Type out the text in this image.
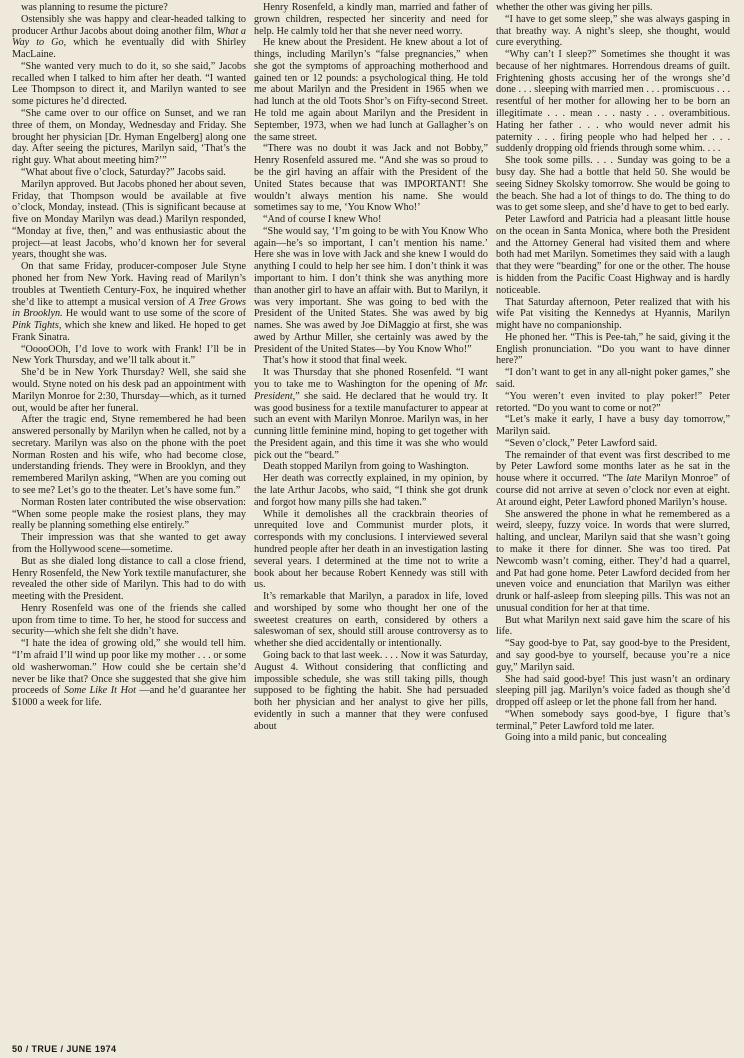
was planning to resume the picture?

Ostensibly she was happy and clear-headed talking to producer Arthur Jacobs about doing another film, What a Way to Go, which he eventually did with Shirley MacLaine.

“She wanted very much to do it, so she said,” Jacobs recalled when I talked to him after her death. “I wanted Lee Thompson to direct it, and Marilyn wanted to see some pictures he’d directed.

“She came over to our office on Sunset, and we ran three of them, on Monday, Wednesday and Friday. She brought her physician [Dr. Hyman Engelberg] along one day. After seeing the pictures, Marilyn said, ‘That’s the right guy. What about meeting him?’”

“What about five o’clock, Saturday?” Jacobs said.

Marilyn approved. But Jacobs phoned her about seven, Friday, that Thompson would be available at five o’clock, Monday, instead. (This is significant because at five on Monday Marilyn was dead.) Marilyn responded, “Monday at five, then,” and was enthusiastic about the project—at least Jacobs, who’d known her for several years, thought she was.

On that same Friday, producer-composer Jule Styne phoned her from New York. Having read of Marilyn’s troubles at Twentieth Century-Fox, he inquired whether she’d like to attempt a musical version of A Tree Grows in Brooklyn. He would want to use some of the score of Pink Tights, which she knew and liked. He hoped to get Frank Sinatra.

“OoooOOh, I’d love to work with Frank! I’ll be in New York Thursday, and we’ll talk about it.”

She’d be in New York Thursday? Well, she said she would. Styne noted on his desk pad an appointment with Marilyn Monroe for 2:30, Thursday—which, as it turned out, would be after her funeral.

After the tragic end, Styne remembered he had been answered personally by Marilyn when he called, not by a secretary. Marilyn was also on the phone with the poet Norman Rosten and his wife, who had become close, understanding friends. They were in Brooklyn, and they remembered Marilyn asking, “When are you coming out to see me? Let’s go to the theater. Let’s have some fun.”

Norman Rosten later contributed the wise observation: “When some people make the rosiest plans, they may really be planning something else entirely.”

Their impression was that she wanted to get away from the Hollywood scene—sometime.

But as she dialed long distance to call a close friend, Henry Rosenfeld, the New York textile manufacturer, she revealed the other side of Marilyn. This had to do with meeting with the President.

Henry Rosenfeld was one of the friends she called upon from time to time. To her, he stood for success and security—which she felt she didn’t have.

“I hate the idea of growing old,” she would tell him. “I’m afraid I’ll wind up poor like my mother . . . or some old washerwoman.” How could she be certain she’d never be like that? Once she suggested that she give him proceeds of Some Like It Hot —and he’d guarantee her $1000 a week for life.

Henry Rosenfeld, a kindly man, married and father of grown children, respected her sincerity and need for help. He calmly told her that she never need worry.

He knew about the President. He knew about a lot of things, including Marilyn’s “false pregnancies,” when she got the symptoms of approaching motherhood and gained ten or 12 pounds: a psychological thing. He told me about Marilyn and the President in 1965 when we had lunch at the old Toots Shor’s on Fifty-second Street. He told me again about Marilyn and the President in September, 1973, when we had lunch at Gallagher’s on the same street.

“There was no doubt it was Jack and not Bobby,” Henry Rosenfeld assured me. “And she was so proud to be the girl having an affair with the President of the United States because that was IMPORTANT! She wouldn’t always mention his name. She would sometimes say to me, ‘You Know Who!’

“And of course I knew Who!

“She would say, ‘I’m going to be with You Know Who again—he’s so important, I can’t mention his name.’ Here she was in love with Jack and she knew I would do anything I could to help her see him. I don’t think it was important to him. I don’t think she was anything more than another girl to have an affair with. But to Marilyn, it was very important. She was going to bed with the President of the United States. She was awed by big names. She was awed by Joe DiMaggio at first, she was awed by Arthur Miller, she certainly was awed by the President of the United States—by You Know Who!”

That’s how it stood that final week.

It was Thursday that she phoned Rosenfeld. “I want you to take me to Washington for the opening of Mr. President,” she said. He declared that he would try. It was good business for a textile manufacturer to appear at such an event with Marilyn Monroe. Marilyn was, in her cunning little feminine mind, hoping to get together with the President again, and this time it was she who would pick out the “beard.”

Death stopped Marilyn from going to Washington.

Her death was correctly explained, in my opinion, by the late Arthur Jacobs, who said, “I think she got drunk and forgot how many pills she had taken.”

While it demolishes all the crackbrain theories of unrequited love and Communist murder plots, it corresponds with my conclusions. I interviewed several hundred people after her death in an investigation lasting several years. I determined at the time not to write a book about her because Robert Kennedy was still with us.

It’s remarkable that Marilyn, a paradox in life, loved and worshiped by some who thought her one of the sweetest creatures on earth, considered by others a saleswoman of sex, should still arouse controversy as to whether she died accidentally or intentionally.

Going back to that last week. . . . Now it was Saturday, August 4. Without considering that conflicting and impossible schedule, she was still taking pills, though supposed to be fighting the habit. She had persuaded both her physician and her analyst to give her pills, evidently in such a manner that they were confused about

whether the other was giving her pills.

“I have to get some sleep,” she was always gasping in that breathy way. A night’s sleep, she thought, would cure everything.

“Why can’t I sleep?” Sometimes she thought it was because of her nightmares. Horrendous dreams of guilt. Frightening ghosts accusing her of the wrongs she’d done . . . sleeping with married men . . . promiscuous . . . resentful of her mother for allowing her to be born an illegitimate . . . mean . . . nasty . . . overambitious. Hating her father . . . who would never admit his paternity . . . firing people who had helped her . . . suddenly dropping old friends through some whim. . . .

She took some pills. . . . Sunday was going to be a busy day. She had a bottle that held 50. She would be seeing Sidney Skolsky tomorrow. She would be going to the beach. She had a lot of things to do. The thing to do was to get some sleep, and she’d have to get to bed early.

Peter Lawford and Patricia had a pleasant little house on the ocean in Santa Monica, where both the President and the Attorney General had visited them and where both had met Marilyn. Sometimes they said with a laugh that they were “bearding” for one or the other. The house is hidden from the Pacific Coast Highway and is hardly noticeable.

That Saturday afternoon, Peter realized that with his wife Pat visiting the Kennedys at Hyannis, Marilyn might have no companionship.

He phoned her. “This is Pee-tah,” he said, giving it the English pronunciation. “Do you want to have dinner here?”

“I don’t want to get in any all-night poker games,” she said.

“You weren’t even invited to play poker!” Peter retorted. “Do you want to come or not?”

“Let’s make it early, I have a busy day tomorrow,” Marilyn said.

“Seven o’clock,” Peter Lawford said.

The remainder of that event was first described to me by Peter Lawford some months later as he sat in the house where it occurred. “The late Marilyn Monroe” of course did not arrive at seven o’clock nor even at eight. At around eight, Peter Lawford phoned Marilyn’s house.

She answered the phone in what he remembered as a weird, sleepy, fuzzy voice. In words that were slurred, halting, and unclear, Marilyn said that she wasn’t going to make it there for dinner. She was too tired. Pat Newcomb wasn’t coming, either. They’d had a quarrel, and Pat had gone home. Peter Lawford decided from her uneven voice and enunciation that Marilyn was either drunk or half-asleep from sleeping pills. This was not an unusual condition for her at that time.

But what Marilyn next said gave him the scare of his life.

“Say good-bye to Pat, say good-bye to the President, and say good-bye to yourself, because you’re a nice guy,” Marilyn said.

She had said good-bye! This just wasn’t an ordinary sleeping pill jag. Marilyn’s voice faded as though she’d dropped off asleep or let the phone fall from her hand.

“When somebody says good-bye, I figure that’s terminal,” Peter Lawford told me later.

Going into a mild panic, but concealing

50 / TRUE / JUNE 1974
